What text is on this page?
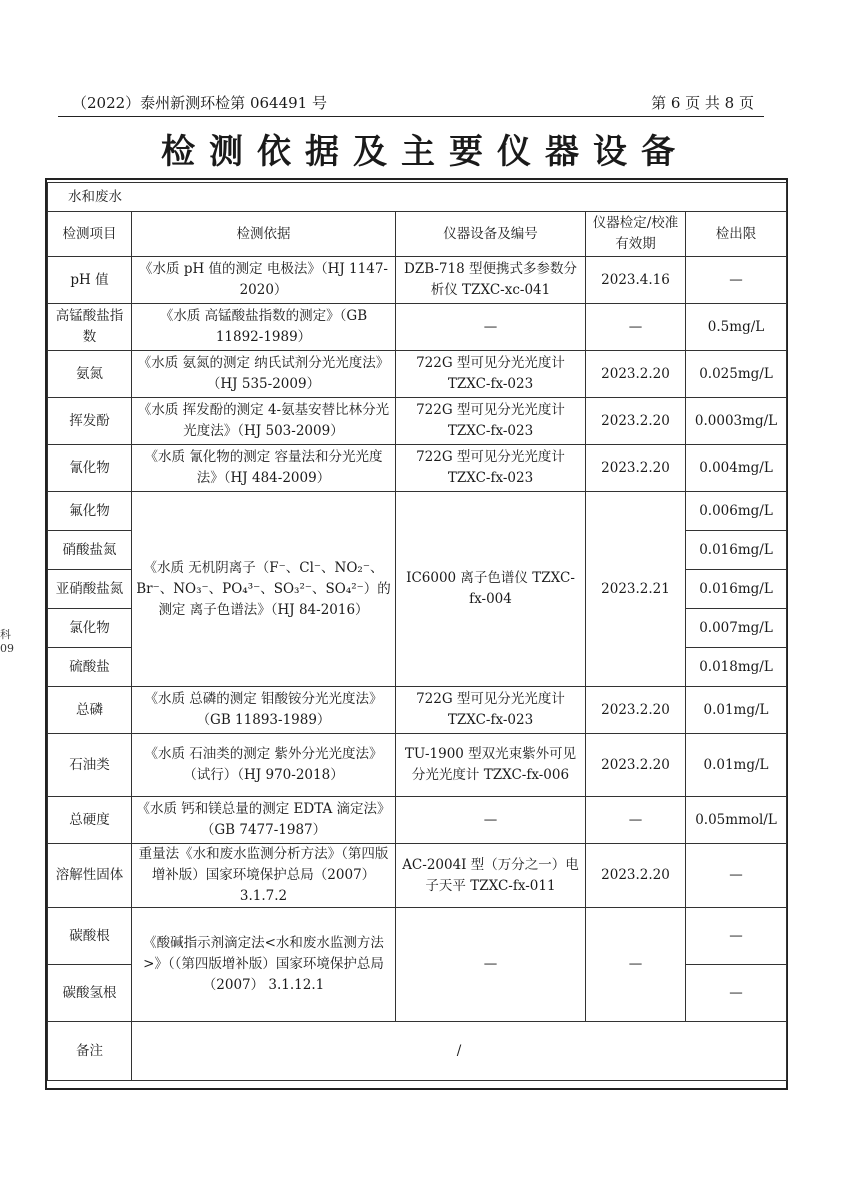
（2022）泰州新测环检第 064491 号	第 6 页 共 8 页
检测依据及主要仪器设备
科 09
水和废水				
检测项目	检测依据	仪器设备及编号	仪器检定/校准有效期	检出限
pH 值	《水质 pH 值的测定 电极法》（HJ 1147-2020）	DZB-718 型便携式多参数分析仪 TZXC-xc-041	2023.4.16	—
高锰酸盐指数	《水质 高锰酸盐指数的测定》（GB 11892-1989）	—	—	0.5mg/L
氨氮	《水质 氨氮的测定 纳氏试剂分光光度法》（HJ 535-2009）	722G 型可见分光光度计 TZXC-fx-023	2023.2.20	0.025mg/L
挥发酚	《水质 挥发酚的测定 4-氨基安替比林分光光度法》（HJ 503-2009）	722G 型可见分光光度计 TZXC-fx-023	2023.2.20	0.0003mg/L
氰化物	《水质 氰化物的测定 容量法和分光光度法》（HJ 484-2009）	722G 型可见分光光度计 TZXC-fx-023	2023.2.20	0.004mg/L
氟化物	《水质 无机阴离子（F⁻、Cl⁻、NO₂⁻、Br⁻、NO₃⁻、PO₄³⁻、SO₃²⁻、SO₄²⁻）的测定 离子色谱法》（HJ 84-2016）	IC6000 离子色谱仪 TZXC-fx-004	2023.2.21	0.006mg/L
硝酸盐氮				0.016mg/L
亚硝酸盐氮				0.016mg/L
氯化物				0.007mg/L
硫酸盐				0.018mg/L
总磷	《水质 总磷的测定 钼酸铵分光光度法》（GB 11893-1989）	722G 型可见分光光度计 TZXC-fx-023	2023.2.20	0.01mg/L
石油类	《水质 石油类的测定 紫外分光光度法》（试行）（HJ 970-2018）	TU-1900 型双光束紫外可见分光光度计 TZXC-fx-006	2023.2.20	0.01mg/L
总硬度	《水质 钙和镁总量的测定 EDTA 滴定法》（GB 7477-1987）	—	—	0.05mmol/L
溶解性固体	重量法《水和废水监测分析方法》（第四版增补版）国家环境保护总局（2007）3.1.7.2	AC-2004I 型（万分之一）电子天平 TZXC-fx-011	2023.2.20	—
碳酸根	《酸碱指示剂滴定法<水和废水监测方法>》（（第四版增补版）国家环境保护总局（2007） 3.1.12.1	—	—	—
碳酸氢根				—
备注	/			
